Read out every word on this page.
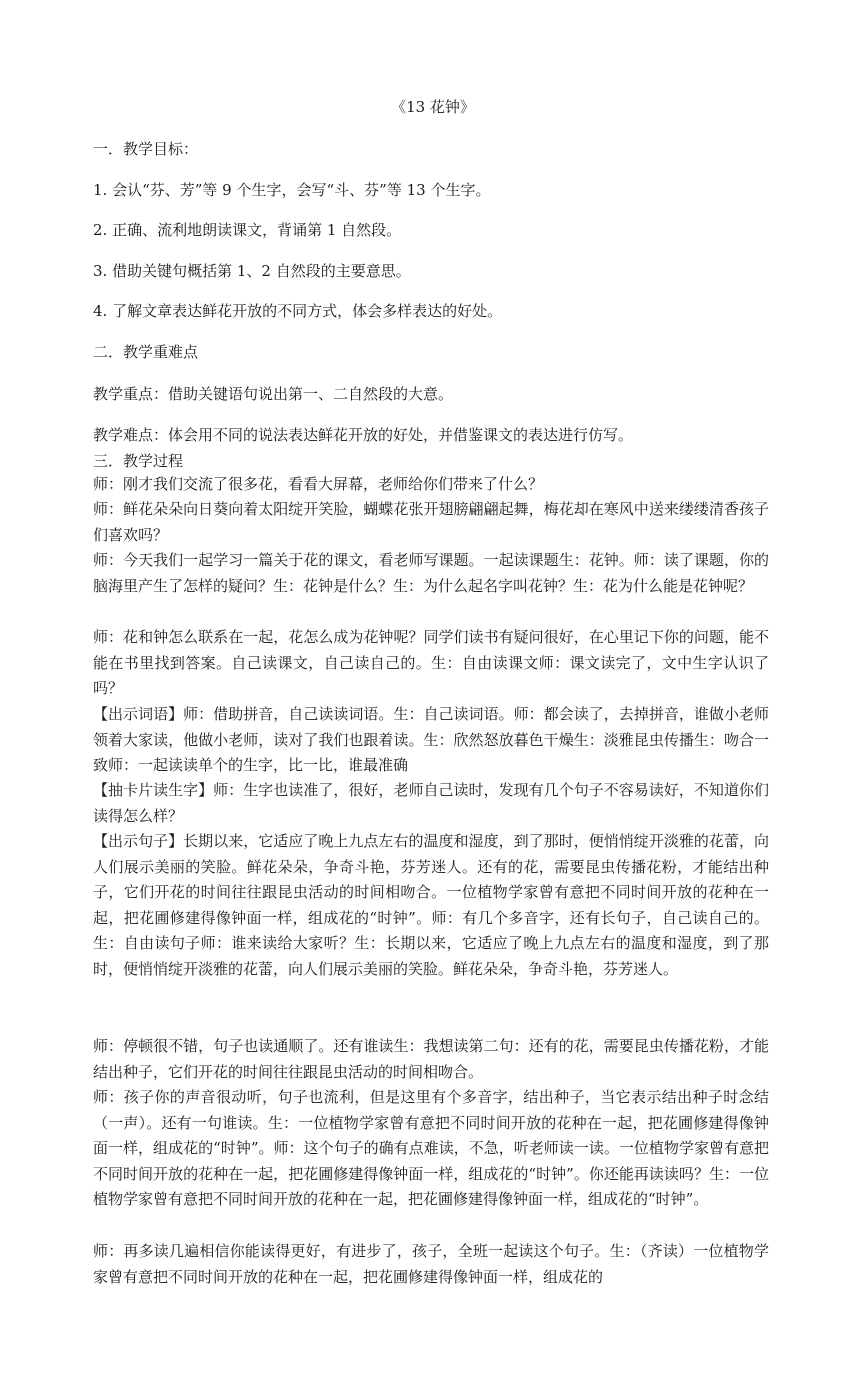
《13 花钟》
一．教学目标：
1. 会认“芬、芳”等 9 个生字，会写“斗、芬”等 13 个生字。
2. 正确、流利地朗读课文，背诵第 1 自然段。
3. 借助关键句概括第 1、2 自然段的主要意思。
4. 了解文章表达鲜花开放的不同方式，体会多样表达的好处。
二．教学重难点
教学重点：借助关键语句说出第一、二自然段的大意。
教学难点：体会用不同的说法表达鲜花开放的好处，并借鉴课文的表达进行仿写。
三．教学过程
师：刚才我们交流了很多花，看看大屏幕，老师给你们带来了什么？
师：鲜花朵朵向日葵向着太阳绽开笑脸，蝴蝶花张开翅膀翩翩起舞，梅花却在寒风中送来缕缕清香孩子们喜欢吗？
师：今天我们一起学习一篇关于花的课文，看老师写课题。一起读课题生：花钟。师：读了课题，你的脑海里产生了怎样的疑问？生：花钟是什么？生：为什么起名字叫花钟？生：花为什么能是花钟呢？
师：花和钟怎么联系在一起，花怎么成为花钟呢？同学们读书有疑问很好，在心里记下你的问题，能不能在书里找到答案。自己读课文，自己读自己的。生：自由读课文师：课文读完了，文中生字认识了吗？
【出示词语】师：借助拼音，自己读读词语。生：自己读词语。师：都会读了，去掉拼音，谁做小老师领着大家读，他做小老师，读对了我们也跟着读。生：欣然怒放暮色干燥生：淡雅昆虫传播生：吻合一致师：一起读读单个的生字，比一比，谁最准确
【抽卡片读生字】师：生字也读准了，很好，老师自己读时，发现有几个句子不容易读好，不知道你们读得怎么样？
【出示句子】长期以来，它适应了晚上九点左右的温度和湿度，到了那时，便悄悄绽开淡雅的花蕾，向人们展示美丽的笑脸。鲜花朵朵，争奇斗艳，芬芳迷人。还有的花，需要昆虫传播花粉，才能结出种子，它们开花的时间往往跟昆虫活动的时间相吻合。一位植物学家曾有意把不同时间开放的花种在一起，把花圃修建得像钟面一样，组成花的“时钟”。师：有几个多音字，还有长句子，自己读自己的。生：自由读句子师：谁来读给大家听？生：长期以来，它适应了晚上九点左右的温度和湿度，到了那时，便悄悄绽开淡雅的花蕾，向人们展示美丽的笑脸。鲜花朵朵，争奇斗艳，芬芳迷人。
师：停顿很不错，句子也读通顺了。还有谁读生：我想读第二句：还有的花，需要昆虫传播花粉，才能结出种子，它们开花的时间往往跟昆虫活动的时间相吻合。
师：孩子你的声音很动听，句子也流利，但是这里有个多音字，结出种子，当它表示结出种子时念结（一声）。还有一句谁读。生：一位植物学家曾有意把不同时间开放的花种在一起，把花圃修建得像钟面一样，组成花的“时钟”。师：这个句子的确有点难读，不急，听老师读一读。一位植物学家曾有意把不同时间开放的花种在一起，把花圃修建得像钟面一样，组成花的“时钟”。你还能再读读吗？生：一位植物学家曾有意把不同时间开放的花种在一起，把花圃修建得像钟面一样，组成花的“时钟”。
师：再多读几遍相信你能读得更好，有进步了，孩子，全班一起读这个句子。生：（齐读）一位植物学家曾有意把不同时间开放的花种在一起，把花圃修建得像钟面一样，组成花的
